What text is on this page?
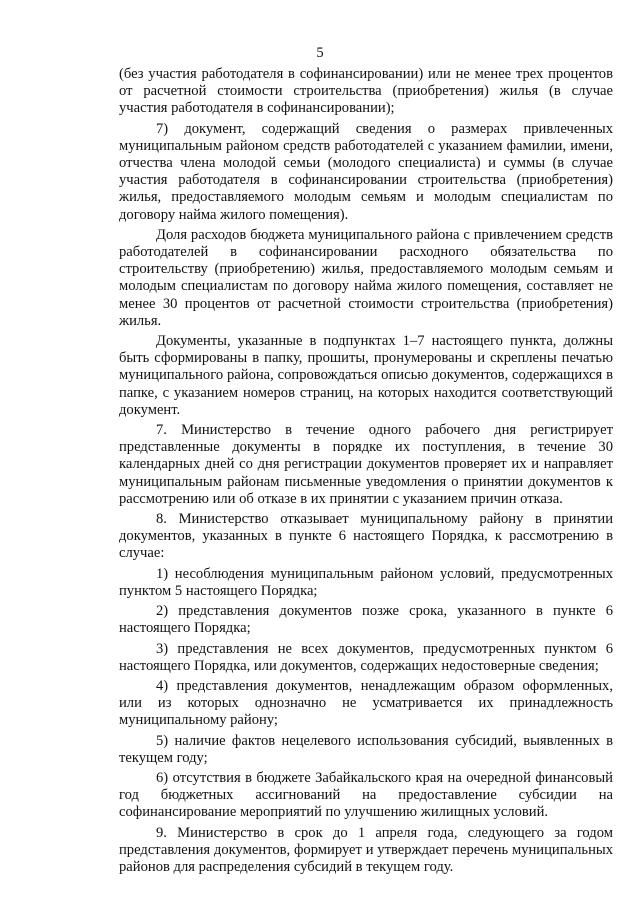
5

(без участия работодателя в софинансировании) или не менее трех процентов от расчетной стоимости строительства (приобретения) жилья (в случае участия работодателя в софинансировании);

7) документ, содержащий сведения о размерах привлеченных муниципальным районом средств работодателей с указанием фамилии, имени, отчества члена молодой семьи (молодого специалиста) и суммы (в случае участия работодателя в софинансировании строительства (приобретения) жилья, предоставляемого молодым семьям и молодым специалистам по договору найма жилого помещения).

Доля расходов бюджета муниципального района с привлечением средств работодателей в софинансировании расходного обязательства по строительству (приобретению) жилья, предоставляемого молодым семьям и молодым специалистам по договору найма жилого помещения, составляет не менее 30 процентов от расчетной стоимости строительства (приобретения) жилья.

Документы, указанные в подпунктах 1–7 настоящего пункта, должны быть сформированы в папку, прошиты, пронумерованы и скреплены печатью муниципального района, сопровождаться описью документов, содержащихся в папке, с указанием номеров страниц, на которых находится соответствующий документ.

7. Министерство в течение одного рабочего дня регистрирует представленные документы в порядке их поступления, в течение 30 календарных дней со дня регистрации документов проверяет их и направляет муниципальным районам письменные уведомления о принятии документов к рассмотрению или об отказе в их принятии с указанием причин отказа.

8. Министерство отказывает муниципальному району в принятии документов, указанных в пункте 6 настоящего Порядка, к рассмотрению в случае:

1) несоблюдения муниципальным районом условий, предусмотренных пунктом 5 настоящего Порядка;

2) представления документов позже срока, указанного в пункте 6 настоящего Порядка;

3) представления не всех документов, предусмотренных пунктом 6 настоящего Порядка, или документов, содержащих недостоверные сведения;

4) представления документов, ненадлежащим образом оформленных, или из которых однозначно не усматривается их принадлежность муниципальному району;

5) наличие фактов нецелевого использования субсидий, выявленных в текущем году;

6) отсутствия в бюджете Забайкальского края на очередной финансовый год бюджетных ассигнований на предоставление субсидии на софинансирование мероприятий по улучшению жилищных условий.

9. Министерство в срок до 1 апреля года, следующего за годом представления документов, формирует и утверждает перечень муниципальных районов для распределения субсидий в текущем году.
